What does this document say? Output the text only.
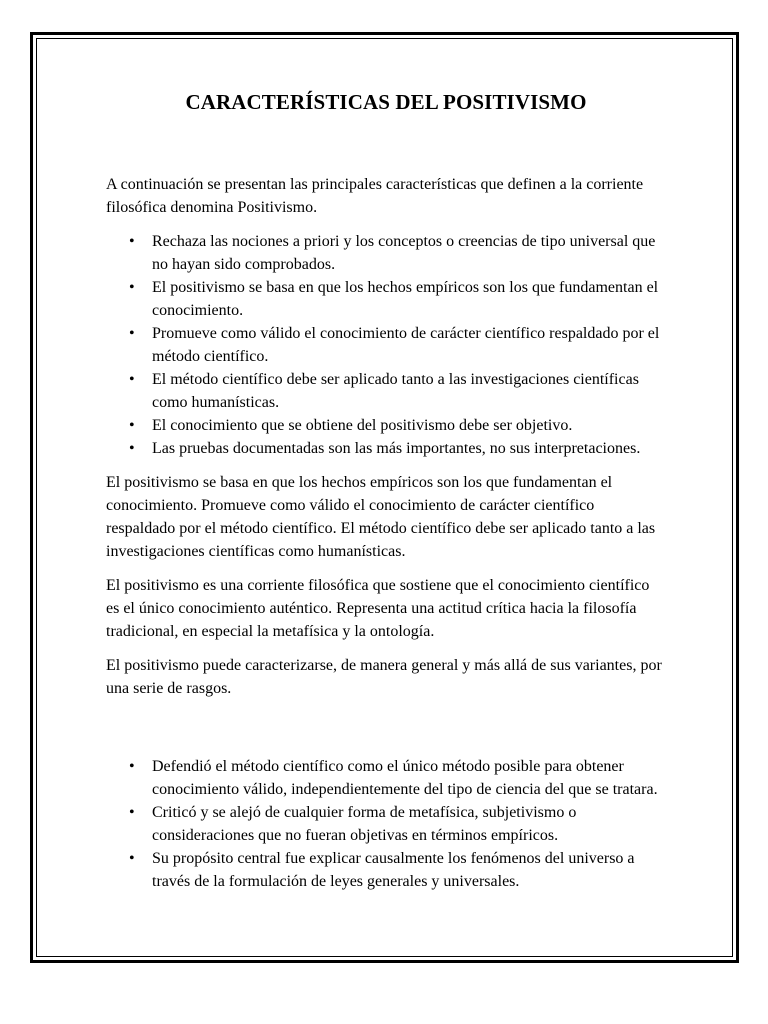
CARACTERÍSTICAS DEL POSITIVISMO

A continuación se presentan las principales características que definen a la corriente filosófica denomina Positivismo.

• Rechaza las nociones a priori y los conceptos o creencias de tipo universal que no hayan sido comprobados.
• El positivismo se basa en que los hechos empíricos son los que fundamentan el conocimiento.
• Promueve como válido el conocimiento de carácter científico respaldado por el método científico.
• El método científico debe ser aplicado tanto a las investigaciones científicas como humanísticas.
• El conocimiento que se obtiene del positivismo debe ser objetivo.
• Las pruebas documentadas son las más importantes, no sus interpretaciones.

El positivismo se basa en que los hechos empíricos son los que fundamentan el conocimiento. Promueve como válido el conocimiento de carácter científico respaldado por el método científico. El método científico debe ser aplicado tanto a las investigaciones científicas como humanísticas.

El positivismo es una corriente filosófica que sostiene que el conocimiento científico es el único conocimiento auténtico. Representa una actitud crítica hacia la filosofía tradicional, en especial la metafísica y la ontología.

El positivismo puede caracterizarse, de manera general y más allá de sus variantes, por una serie de rasgos.

• Defendió el método científico como el único método posible para obtener conocimiento válido, independientemente del tipo de ciencia del que se tratara.
• Criticó y se alejó de cualquier forma de metafísica, subjetivismo o consideraciones que no fueran objetivas en términos empíricos.
• Su propósito central fue explicar causalmente los fenómenos del universo a través de la formulación de leyes generales y universales.
